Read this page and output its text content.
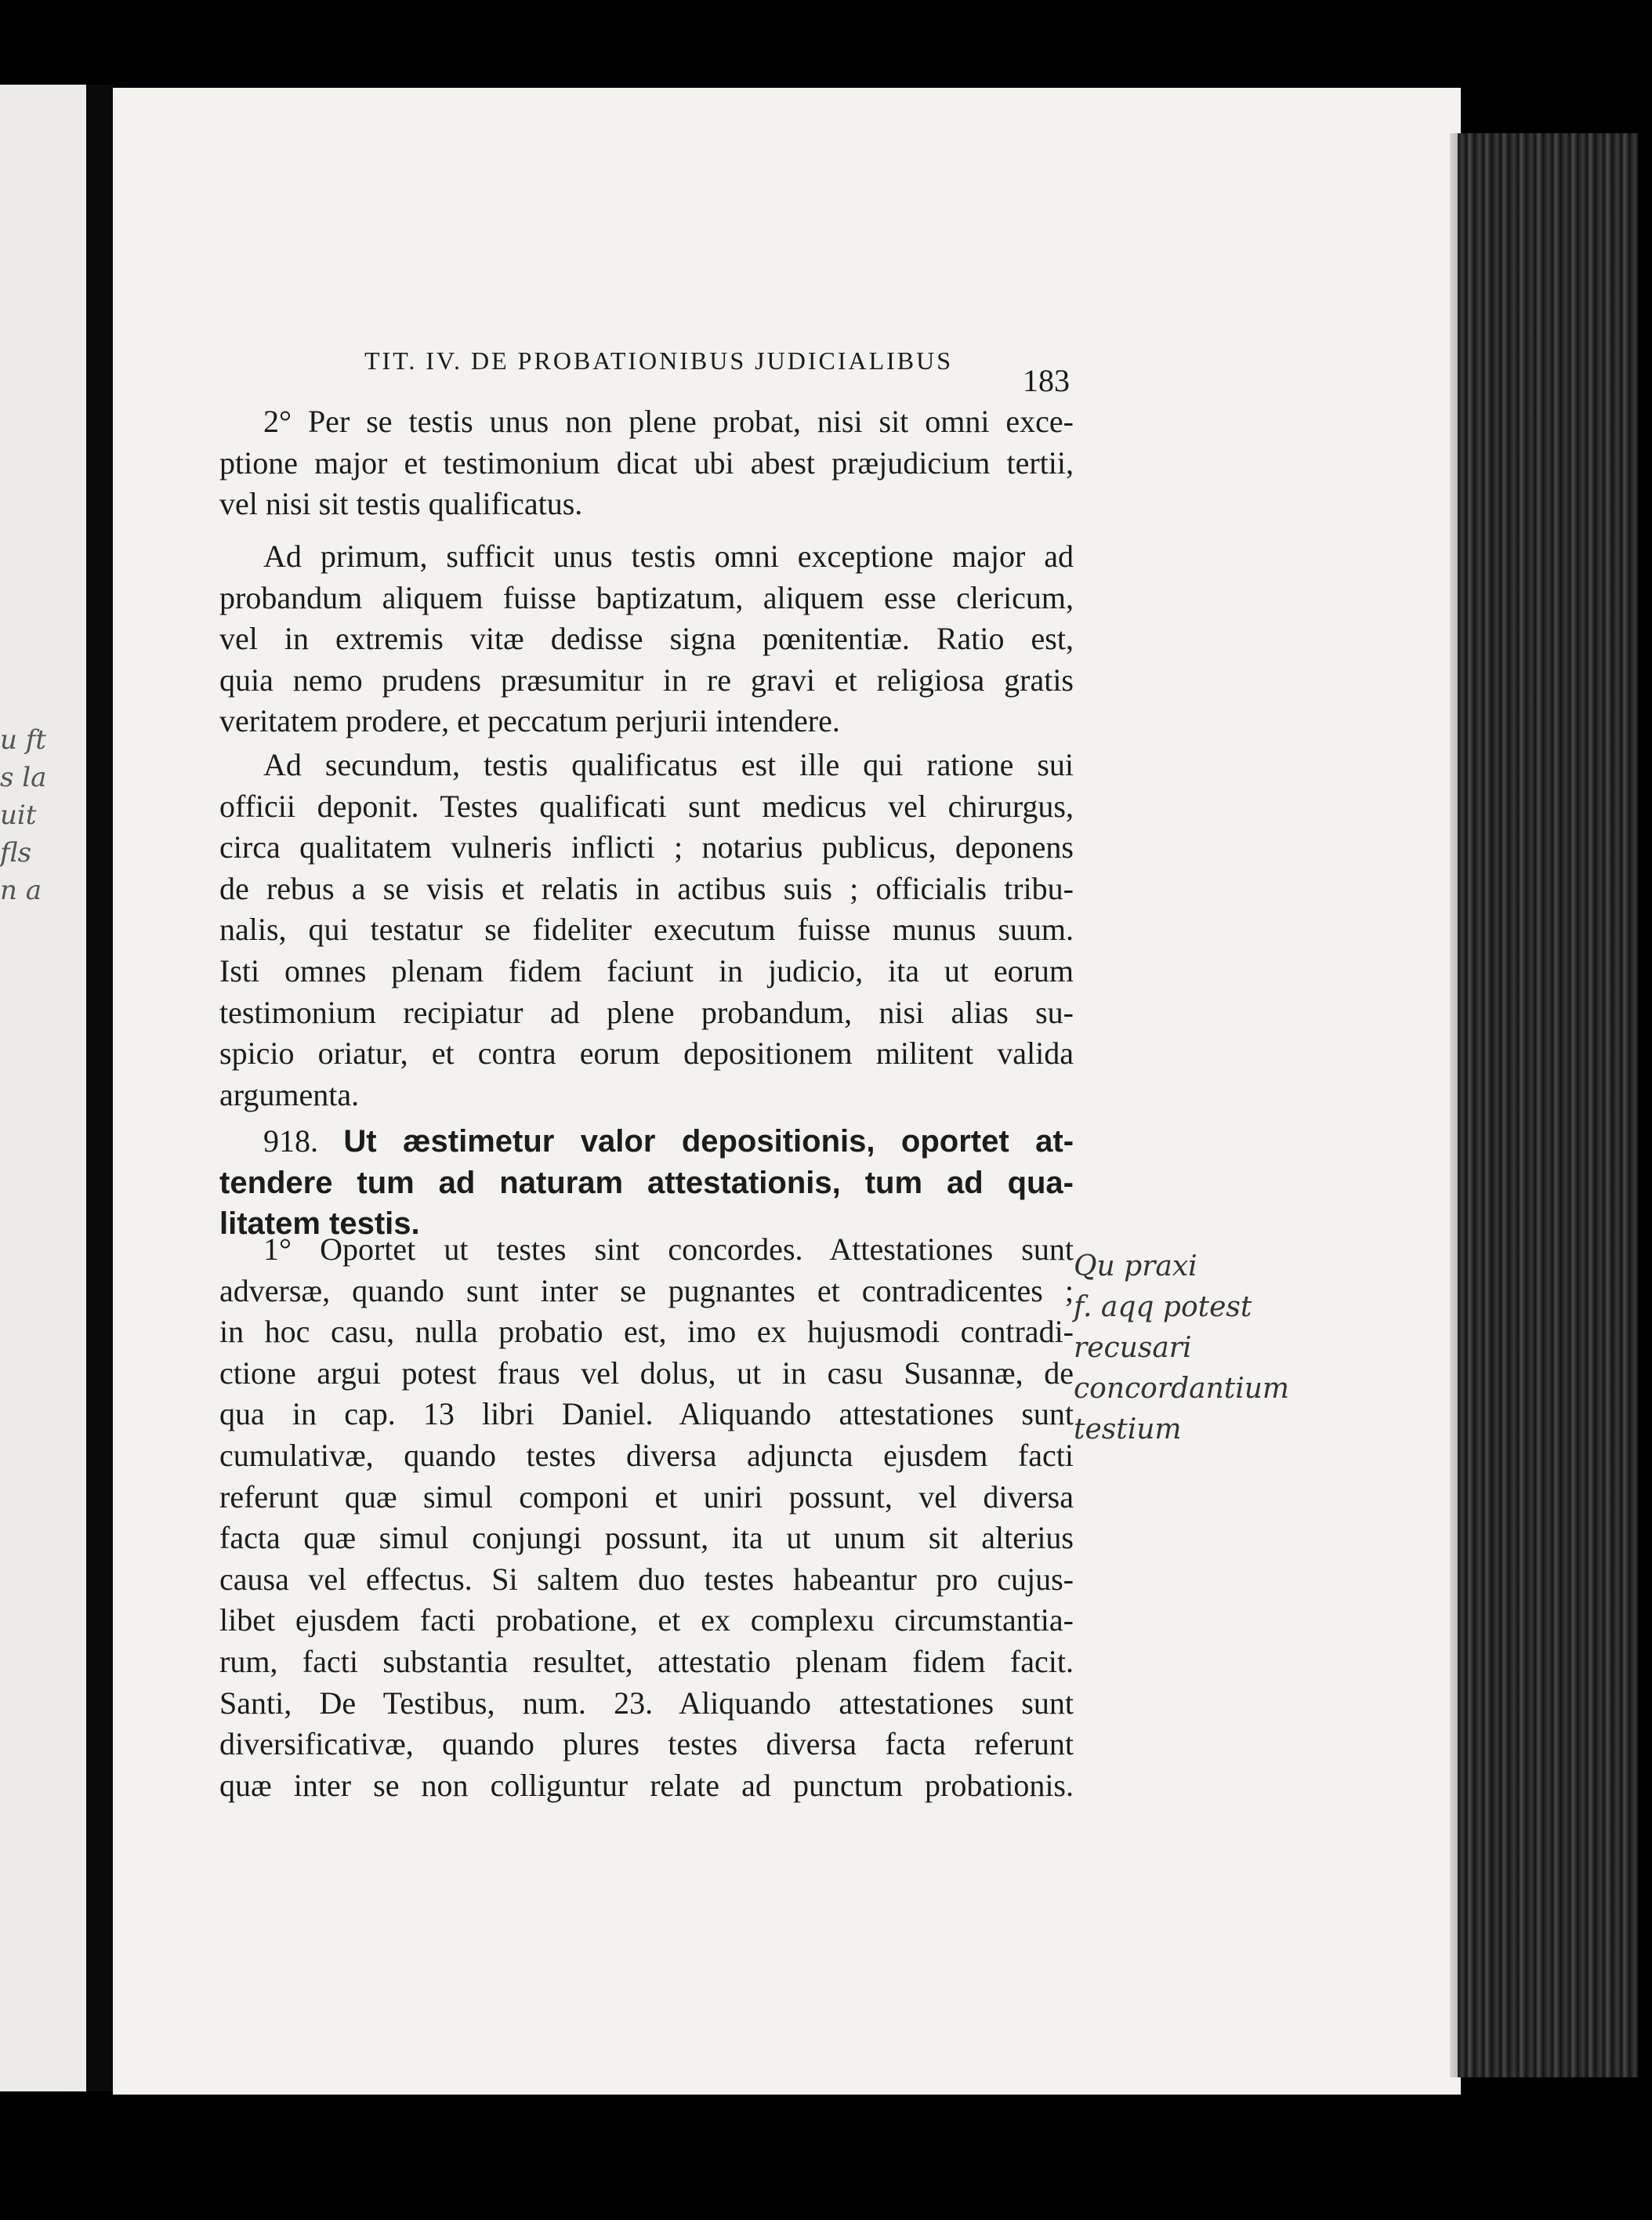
u ft
s la
uit
fls
n a
TIT. IV. DE PROBATIONIBUS JUDICIALIBUS
183
2° Per se testis unus non plene probat, nisi sit omni exce-
ptione major et testimonium dicat ubi abest præjudicium tertii,
vel nisi sit testis qualificatus.
Ad primum, sufficit unus testis omni exceptione major ad
probandum aliquem fuisse baptizatum, aliquem esse clericum,
vel in extremis vitæ dedisse signa pœnitentiæ. Ratio est,
quia nemo prudens præsumitur in re gravi et religiosa gratis
veritatem prodere, et peccatum perjurii intendere.
Ad secundum, testis qualificatus est ille qui ratione sui
officii deponit. Testes qualificati sunt medicus vel chirurgus,
circa qualitatem vulneris inflicti ; notarius publicus, deponens
de rebus a se visis et relatis in actibus suis ; officialis tribu-
nalis, qui testatur se fideliter executum fuisse munus suum.
Isti omnes plenam fidem faciunt in judicio, ita ut eorum
testimonium recipiatur ad plene probandum, nisi alias su-
spicio oriatur, et contra eorum depositionem militent valida
argumenta.
918. Ut æstimetur valor depositionis, oportet at-
tendere tum ad naturam attestationis, tum ad qua-
litatem testis.
1° Oportet ut testes sint concordes. Attestationes sunt
adversæ, quando sunt inter se pugnantes et contradicentes ;
in hoc casu, nulla probatio est, imo ex hujusmodi contradi-
ctione argui potest fraus vel dolus, ut in casu Susannæ, de
qua in cap. 13 libri Daniel. Aliquando attestationes sunt
cumulativæ, quando testes diversa adjuncta ejusdem facti
referunt quæ simul componi et uniri possunt, vel diversa
facta quæ simul conjungi possunt, ita ut unum sit alterius
causa vel effectus. Si saltem duo testes habeantur pro cujus-
libet ejusdem facti probatione, et ex complexu circumstantia-
rum, facti substantia resultet, attestatio plenam fidem facit.
Santi, De Testibus, num. 23. Aliquando attestationes sunt
diversificativæ, quando plures testes diversa facta referunt
quæ inter se non colliguntur relate ad punctum probationis.
Qu praxi
f. aqq potest
recusari
concordantium
testium
